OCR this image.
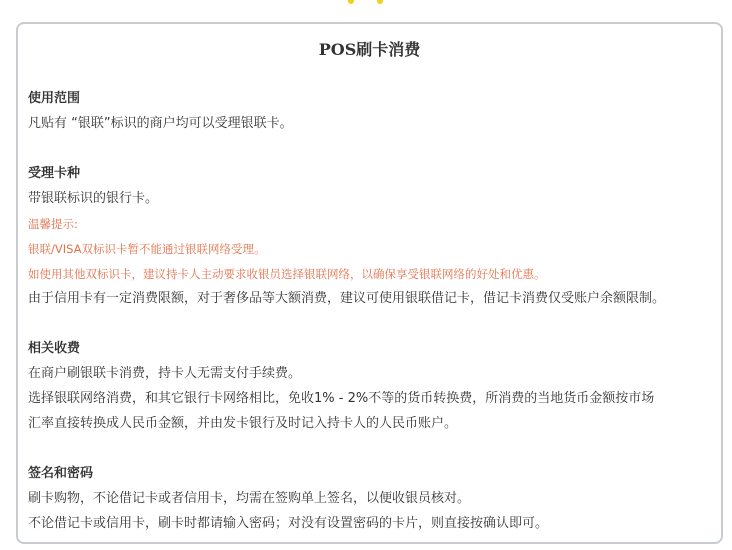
POS刷卡消费
使用范围
凡贴有 “银联”标识的商户均可以受理银联卡。
受理卡种
带银联标识的银行卡。
温馨提示:
银联/VISA双标识卡暂不能通过银联网络受理。
如使用其他双标识卡，建议持卡人主动要求收银员选择银联网络，以确保享受银联网络的好处和优惠。
由于信用卡有一定消费限额，对于奢侈品等大额消费，建议可使用银联借记卡，借记卡消费仅受账户余额限制。
相关收费
在商户刷银联卡消费，持卡人无需支付手续费。
选择银联网络消费，和其它银行卡网络相比，免收1% - 2%不等的货币转换费，所消费的当地货币金额按市场
汇率直接转换成人民币金额，并由发卡银行及时记入持卡人的人民币账户。
签名和密码
刷卡购物，不论借记卡或者信用卡，均需在签购单上签名，以便收银员核对。
不论借记卡或信用卡，刷卡时都请输入密码；对没有设置密码的卡片，则直接按确认即可。
